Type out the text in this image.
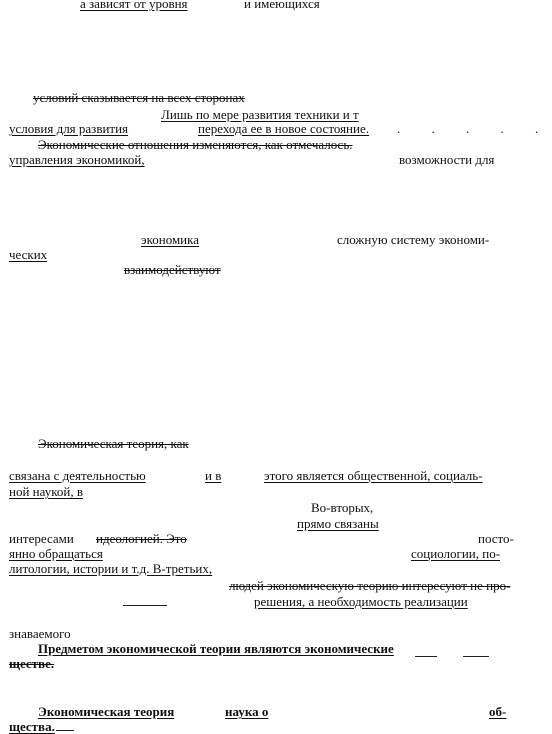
а зависят от уровня	и имеющихся
условий сказывается на всех сторонах
Лишь по мере развития техники и т
условия для развития	перехода ее в новое состояние. . . . . .
Экономические отношения изменяются, как отмечалось.
управления экономикой,	возможности для
экономика	сложную систему экономи-
ческих
взаимодействуют
Экономическая теория, как
связана с деятельностью	и в	этого является общественной, социаль-
ной наукой, в
Во-вторых,
прямо связаны
интересами идеологией. Это	посто-
янно обращаться	социологии, по-
литологии, истории и т.д. В-третьих,
людей экономическую теорию интересуют не про-
решения, а необходимость реализации
знаваемого
Предметом экономической теории являются экономические
ществе.
Экономическая теория	наука о	об-
щества.
